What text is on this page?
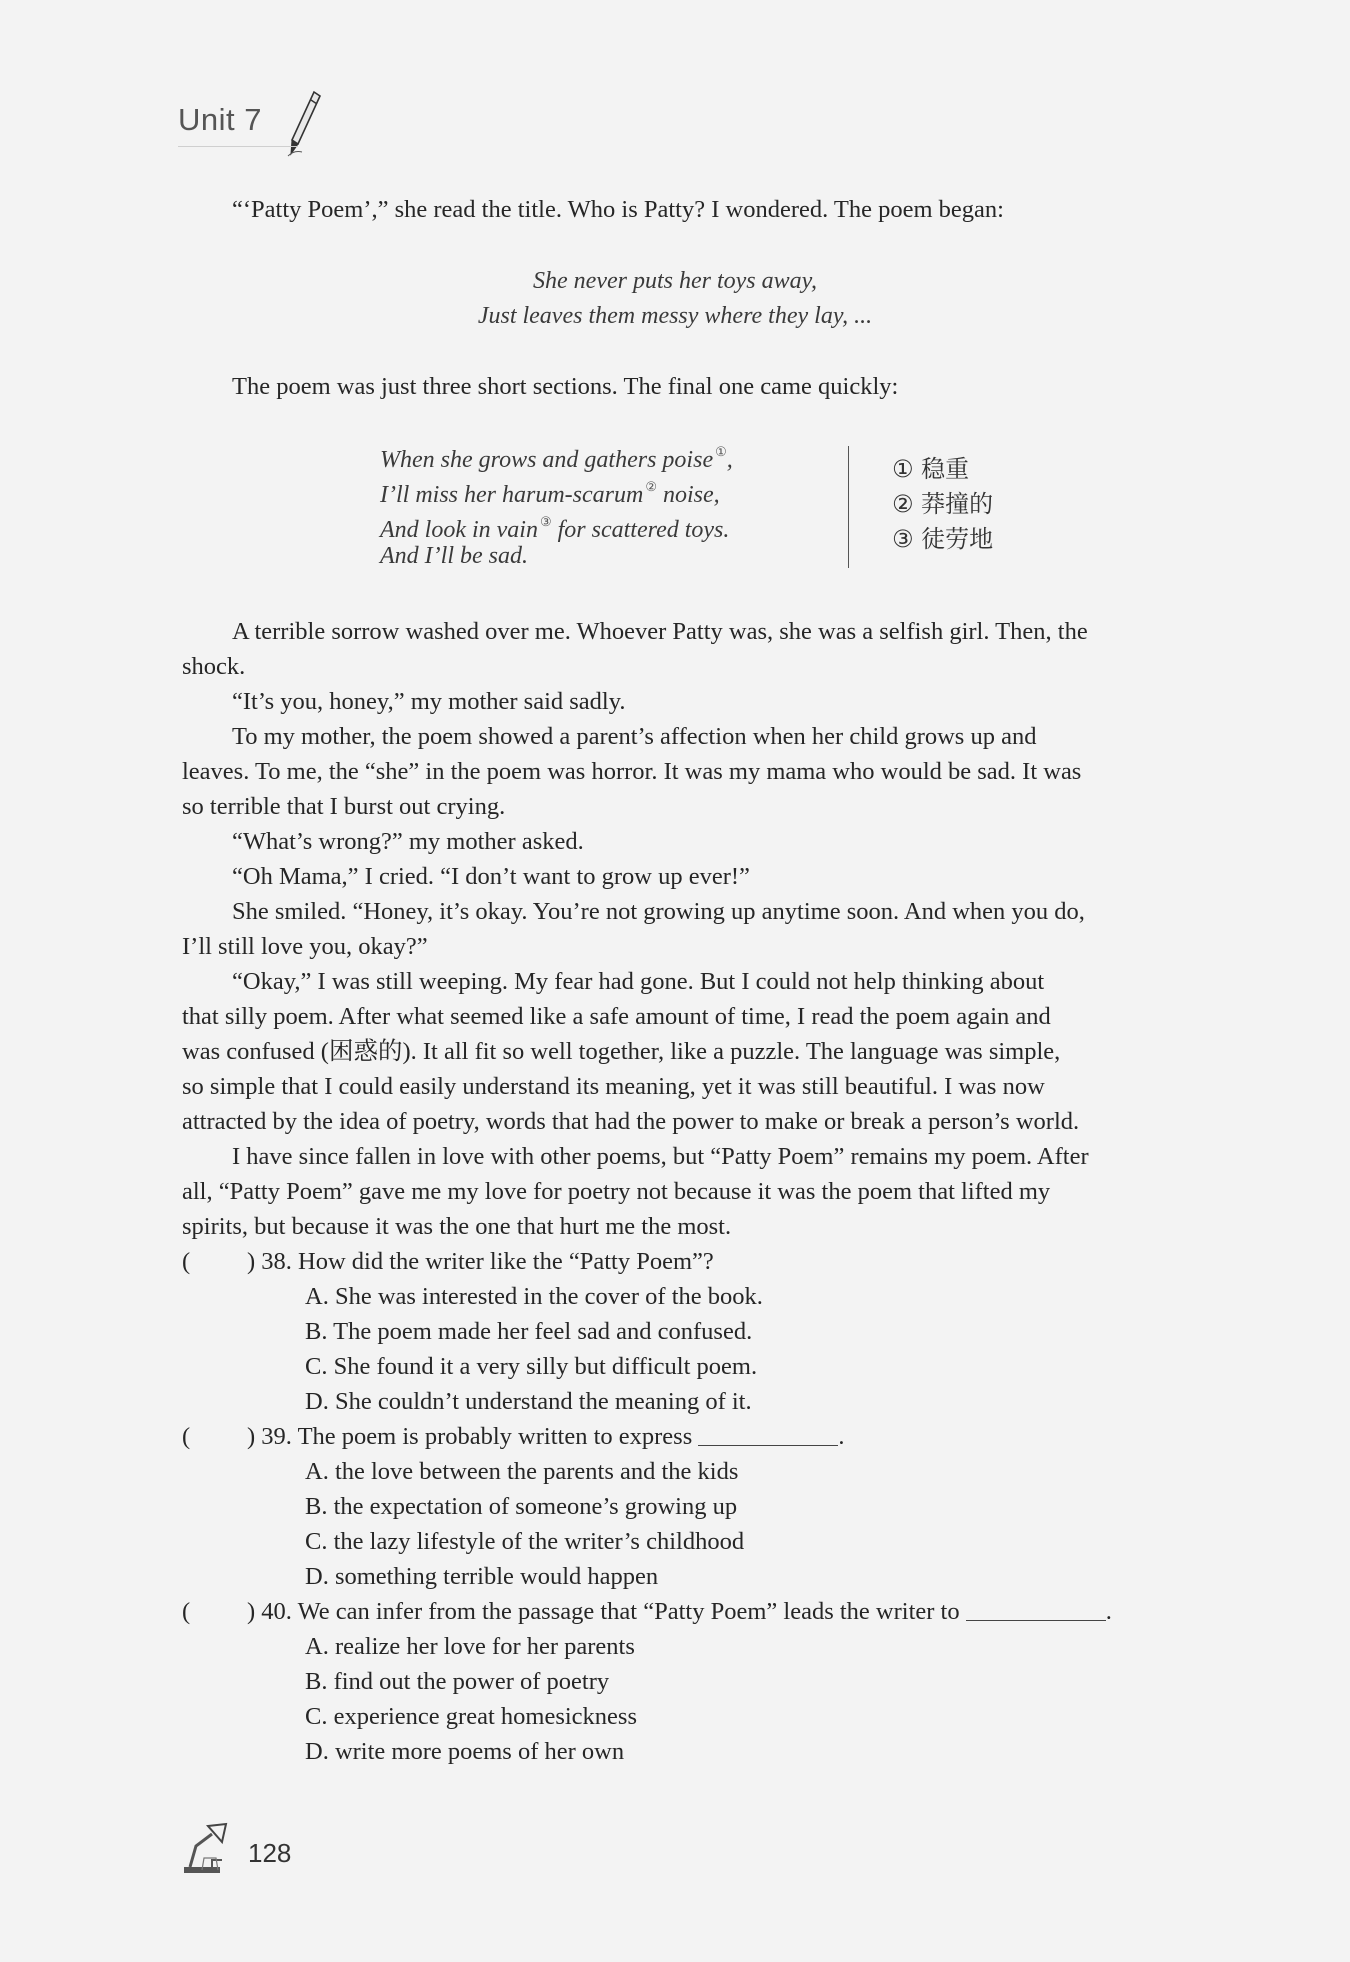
Unit 7
“‘Patty Poem’,” she read the title. Who is Patty? I wondered. The poem began:
She never puts her toys away,
Just leaves them messy where they lay, ...
The poem was just three short sections. The final one came quickly:
When she grows and gathers poise ①,
I’ll miss her harum-scarum ② noise,
And look in vain ③ for scattered toys.
And I’ll be sad.
① 稳重
② 莽撞的
③ 徒劳地
A terrible sorrow washed over me. Whoever Patty was, she was a selfish girl. Then, the
shock.
“It’s you, honey,” my mother said sadly.
To my mother, the poem showed a parent’s affection when her child grows up and
leaves. To me, the “she” in the poem was horror. It was my mama who would be sad. It was
so terrible that I burst out crying.
“What’s wrong?” my mother asked.
“Oh Mama,” I cried. “I don’t want to grow up ever!”
She smiled. “Honey, it’s okay. You’re not growing up anytime soon. And when you do,
I’ll still love you, okay?”
“Okay,” I was still weeping. My fear had gone. But I could not help thinking about
that silly poem. After what seemed like a safe amount of time, I read the poem again and
was confused (困惑的). It all fit so well together, like a puzzle. The language was simple,
so simple that I could easily understand its meaning, yet it was still beautiful. I was now
attracted by the idea of poetry, words that had the power to make or break a person’s world.
I have since fallen in love with other poems, but “Patty Poem” remains my poem. After
all, “Patty Poem” gave me my love for poetry not because it was the poem that lifted my
spirits, but because it was the one that hurt me the most.
( ) 38. How did the writer like the “Patty Poem”?
A. She was interested in the cover of the book.
B. The poem made her feel sad and confused.
C. She found it a very silly but difficult poem.
D. She couldn’t understand the meaning of it.
( ) 39. The poem is probably written to express	.
A. the love between the parents and the kids
B. the expectation of someone’s growing up
C. the lazy lifestyle of the writer’s childhood
D. something terrible would happen
( ) 40. We can infer from the passage that “Patty Poem” leads the writer to	.
A. realize her love for her parents
B. find out the power of poetry
C. experience great homesickness
D. write more poems of her own
128
